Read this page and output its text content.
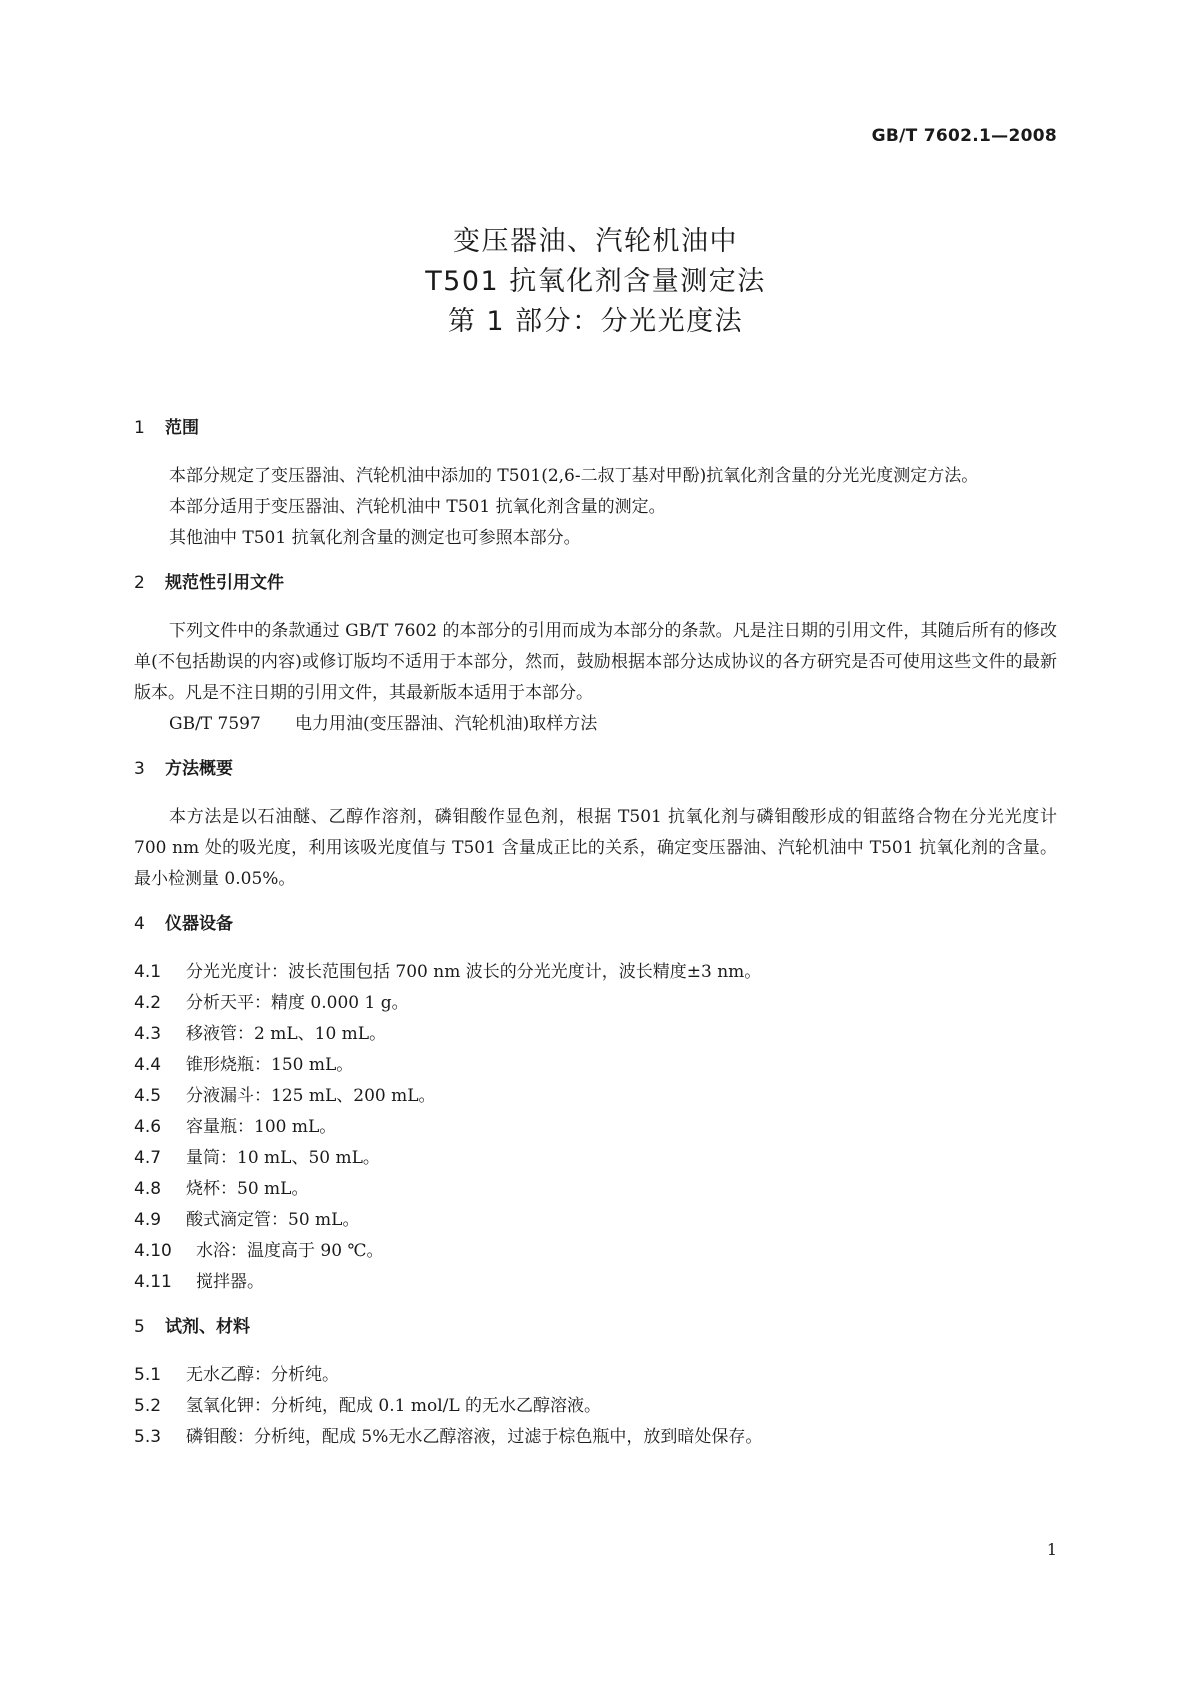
GB/T 7602.1—2008
变压器油、汽轮机油中
T501 抗氧化剂含量测定法
第 1 部分：分光光度法
1 范围

本部分规定了变压器油、汽轮机油中添加的 T501(2,6-二叔丁基对甲酚)抗氧化剂含量的分光光度测定方法。

本部分适用于变压器油、汽轮机油中 T501 抗氧化剂含量的测定。

其他油中 T501 抗氧化剂含量的测定也可参照本部分。

2 规范性引用文件

下列文件中的条款通过 GB/T 7602 的本部分的引用而成为本部分的条款。凡是注日期的引用文件，其随后所有的修改单(不包括勘误的内容)或修订版均不适用于本部分，然而，鼓励根据本部分达成协议的各方研究是否可使用这些文件的最新版本。凡是不注日期的引用文件，其最新版本适用于本部分。

GB/T 7597 电力用油(变压器油、汽轮机油)取样方法

3 方法概要

本方法是以石油醚、乙醇作溶剂，磷钼酸作显色剂，根据 T501 抗氧化剂与磷钼酸形成的钼蓝络合物在分光光度计 700 nm 处的吸光度，利用该吸光度值与 T501 含量成正比的关系，确定变压器油、汽轮机油中 T501 抗氧化剂的含量。最小检测量 0.05%。

4 仪器设备
4.1 分光光度计：波长范围包括 700 nm 波长的分光光度计，波长精度±3 nm。
4.2 分析天平：精度 0.000 1 g。
4.3 移液管：2 mL、10 mL。
4.4 锥形烧瓶：150 mL。
4.5 分液漏斗：125 mL、200 mL。
4.6 容量瓶：100 mL。
4.7 量筒：10 mL、50 mL。
4.8 烧杯：50 mL。
4.9 酸式滴定管：50 mL。
4.10 水浴：温度高于 90 ℃。
4.11 搅拌器。
5 试剂、材料
5.1 无水乙醇：分析纯。
5.2 氢氧化钾：分析纯，配成 0.1 mol/L 的无水乙醇溶液。
5.3 磷钼酸：分析纯，配成 5%无水乙醇溶液，过滤于棕色瓶中，放到暗处保存。
1
